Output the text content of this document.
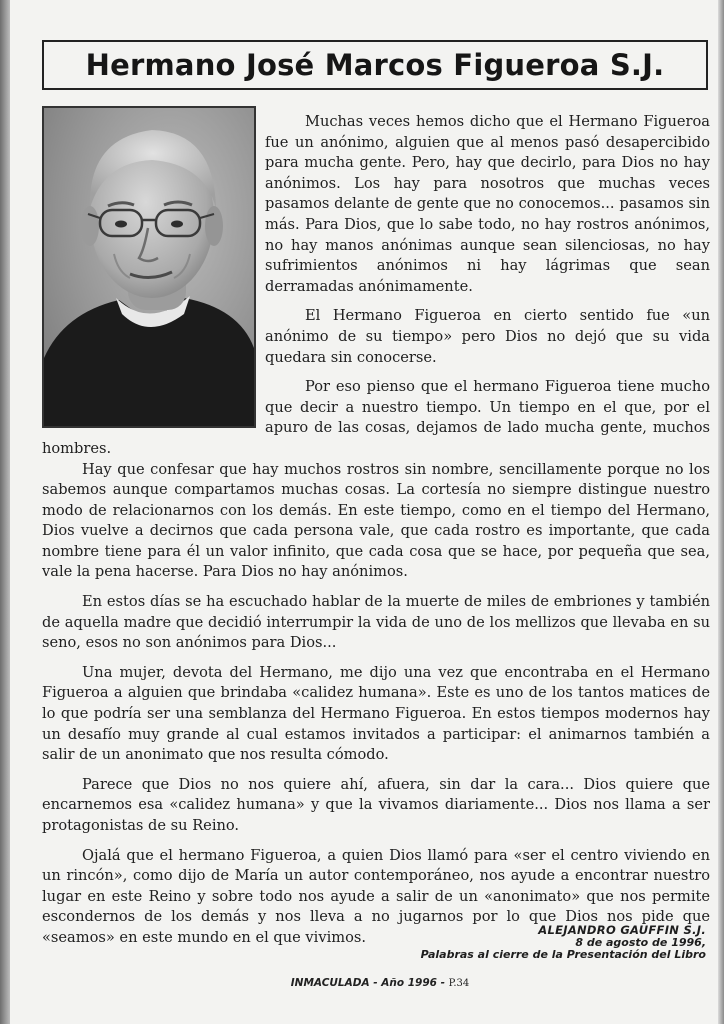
Hermano José Marcos Figueroa S.J.

Muchas veces hemos dicho que el Hermano Figueroa fue un anónimo, alguien que al menos pasó desapercibido para mucha gente. Pero, hay que decirlo, para Dios no hay anónimos. Los hay para nosotros que muchas veces pasamos delante de gente que no conocemos... pasamos sin más. Para Dios, que lo sabe todo, no hay rostros anónimos, no hay manos anónimas aunque sean silenciosas, no hay sufrimientos anónimos ni hay lágrimas que sean derramadas anónimamente.

El Hermano Figueroa en cierto sentido fue «un anónimo de su tiempo» pero Dios no dejó que su vida quedara sin conocerse.

Por eso pienso que el hermano Figueroa tiene mucho que decir a nuestro tiempo. Un tiempo en el que, por el apuro de las cosas, dejamos de lado mucha gente, muchos hombres.

Hay que confesar que hay muchos rostros sin nombre, sencillamente porque no los sabemos aunque compartamos muchas cosas. La cortesía no siempre distingue nuestro modo de relacionarnos con los demás. En este tiempo, como en el tiempo del Hermano, Dios vuelve a decirnos que cada persona vale, que cada rostro es importante, que cada nombre tiene para él un valor infinito, que cada cosa que se hace, por pequeña que sea, vale la pena hacerse. Para Dios no hay anónimos.

En estos días se ha escuchado hablar de la muerte de miles de embriones y también de aquella madre que decidió interrumpir la vida de uno de los mellizos que llevaba en su seno, esos no son anónimos para Dios...

Una mujer, devota del Hermano, me dijo una vez que encontraba en el Hermano Figueroa a alguien que brindaba «calidez humana». Este es uno de los tantos matices de lo que podría ser una semblanza del Hermano Figueroa. En estos tiempos modernos hay un desafío muy grande al cual estamos invitados a participar: el animarnos también a salir de un anonimato que nos resulta cómodo.

Parece que Dios no nos quiere ahí, afuera, sin dar la cara... Dios quiere que encarnemos esa «calidez humana» y que la vivamos diariamente... Dios nos llama a ser protagonistas de su Reino.

Ojalá que el hermano Figueroa, a quien Dios llamó para «ser el centro viviendo en un rincón», como dijo de María un autor contemporáneo, nos ayude a encontrar nuestro lugar en este Reino y sobre todo nos ayude a salir de un «anonimato» que nos permite escondernos de los demás y nos lleva a no jugarnos por lo que Dios nos pide que «seamos» en este mundo en el que vivimos.	ALEJANDRO GAUFFIN S.J.
8 de agosto de 1996,
Palabras al cierre de la Presentación del Libro
INMACULADA - Año 1996 - P.34
